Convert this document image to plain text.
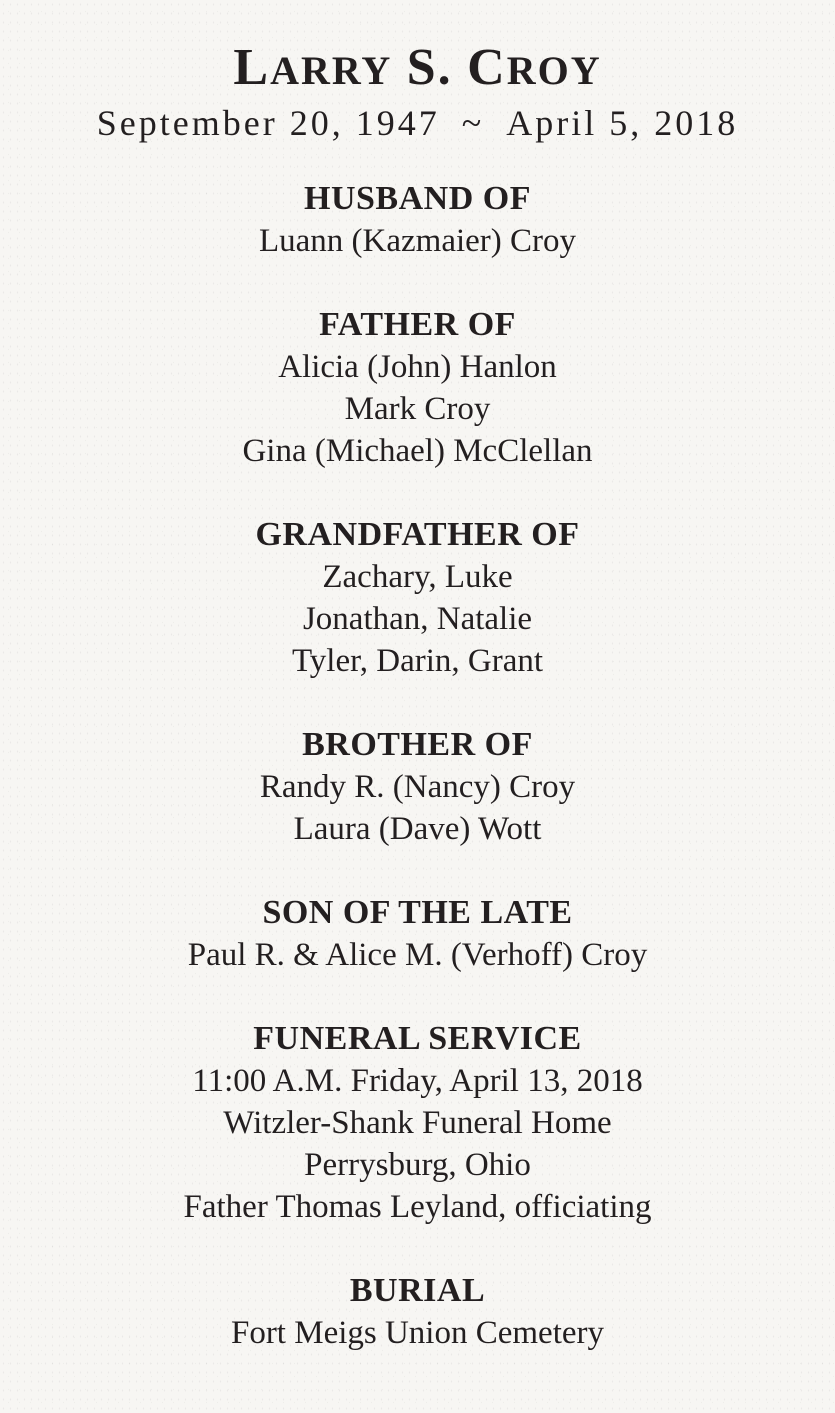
LARRY S. CROY

September 20, 1947 ~ April 5, 2018

HUSBAND OF

Luann (Kazmaier) Croy

FATHER OF

Alicia (John) Hanlon

Mark Croy

Gina (Michael) McClellan

GRANDFATHER OF

Zachary, Luke

Jonathan, Natalie

Tyler, Darin, Grant

BROTHER OF

Randy R. (Nancy) Croy

Laura (Dave) Wott

SON OF THE LATE

Paul R. & Alice M. (Verhoff) Croy

FUNERAL SERVICE

11:00 A.M. Friday, April 13, 2018

Witzler-Shank Funeral Home

Perrysburg, Ohio

Father Thomas Leyland, officiating

BURIAL

Fort Meigs Union Cemetery
